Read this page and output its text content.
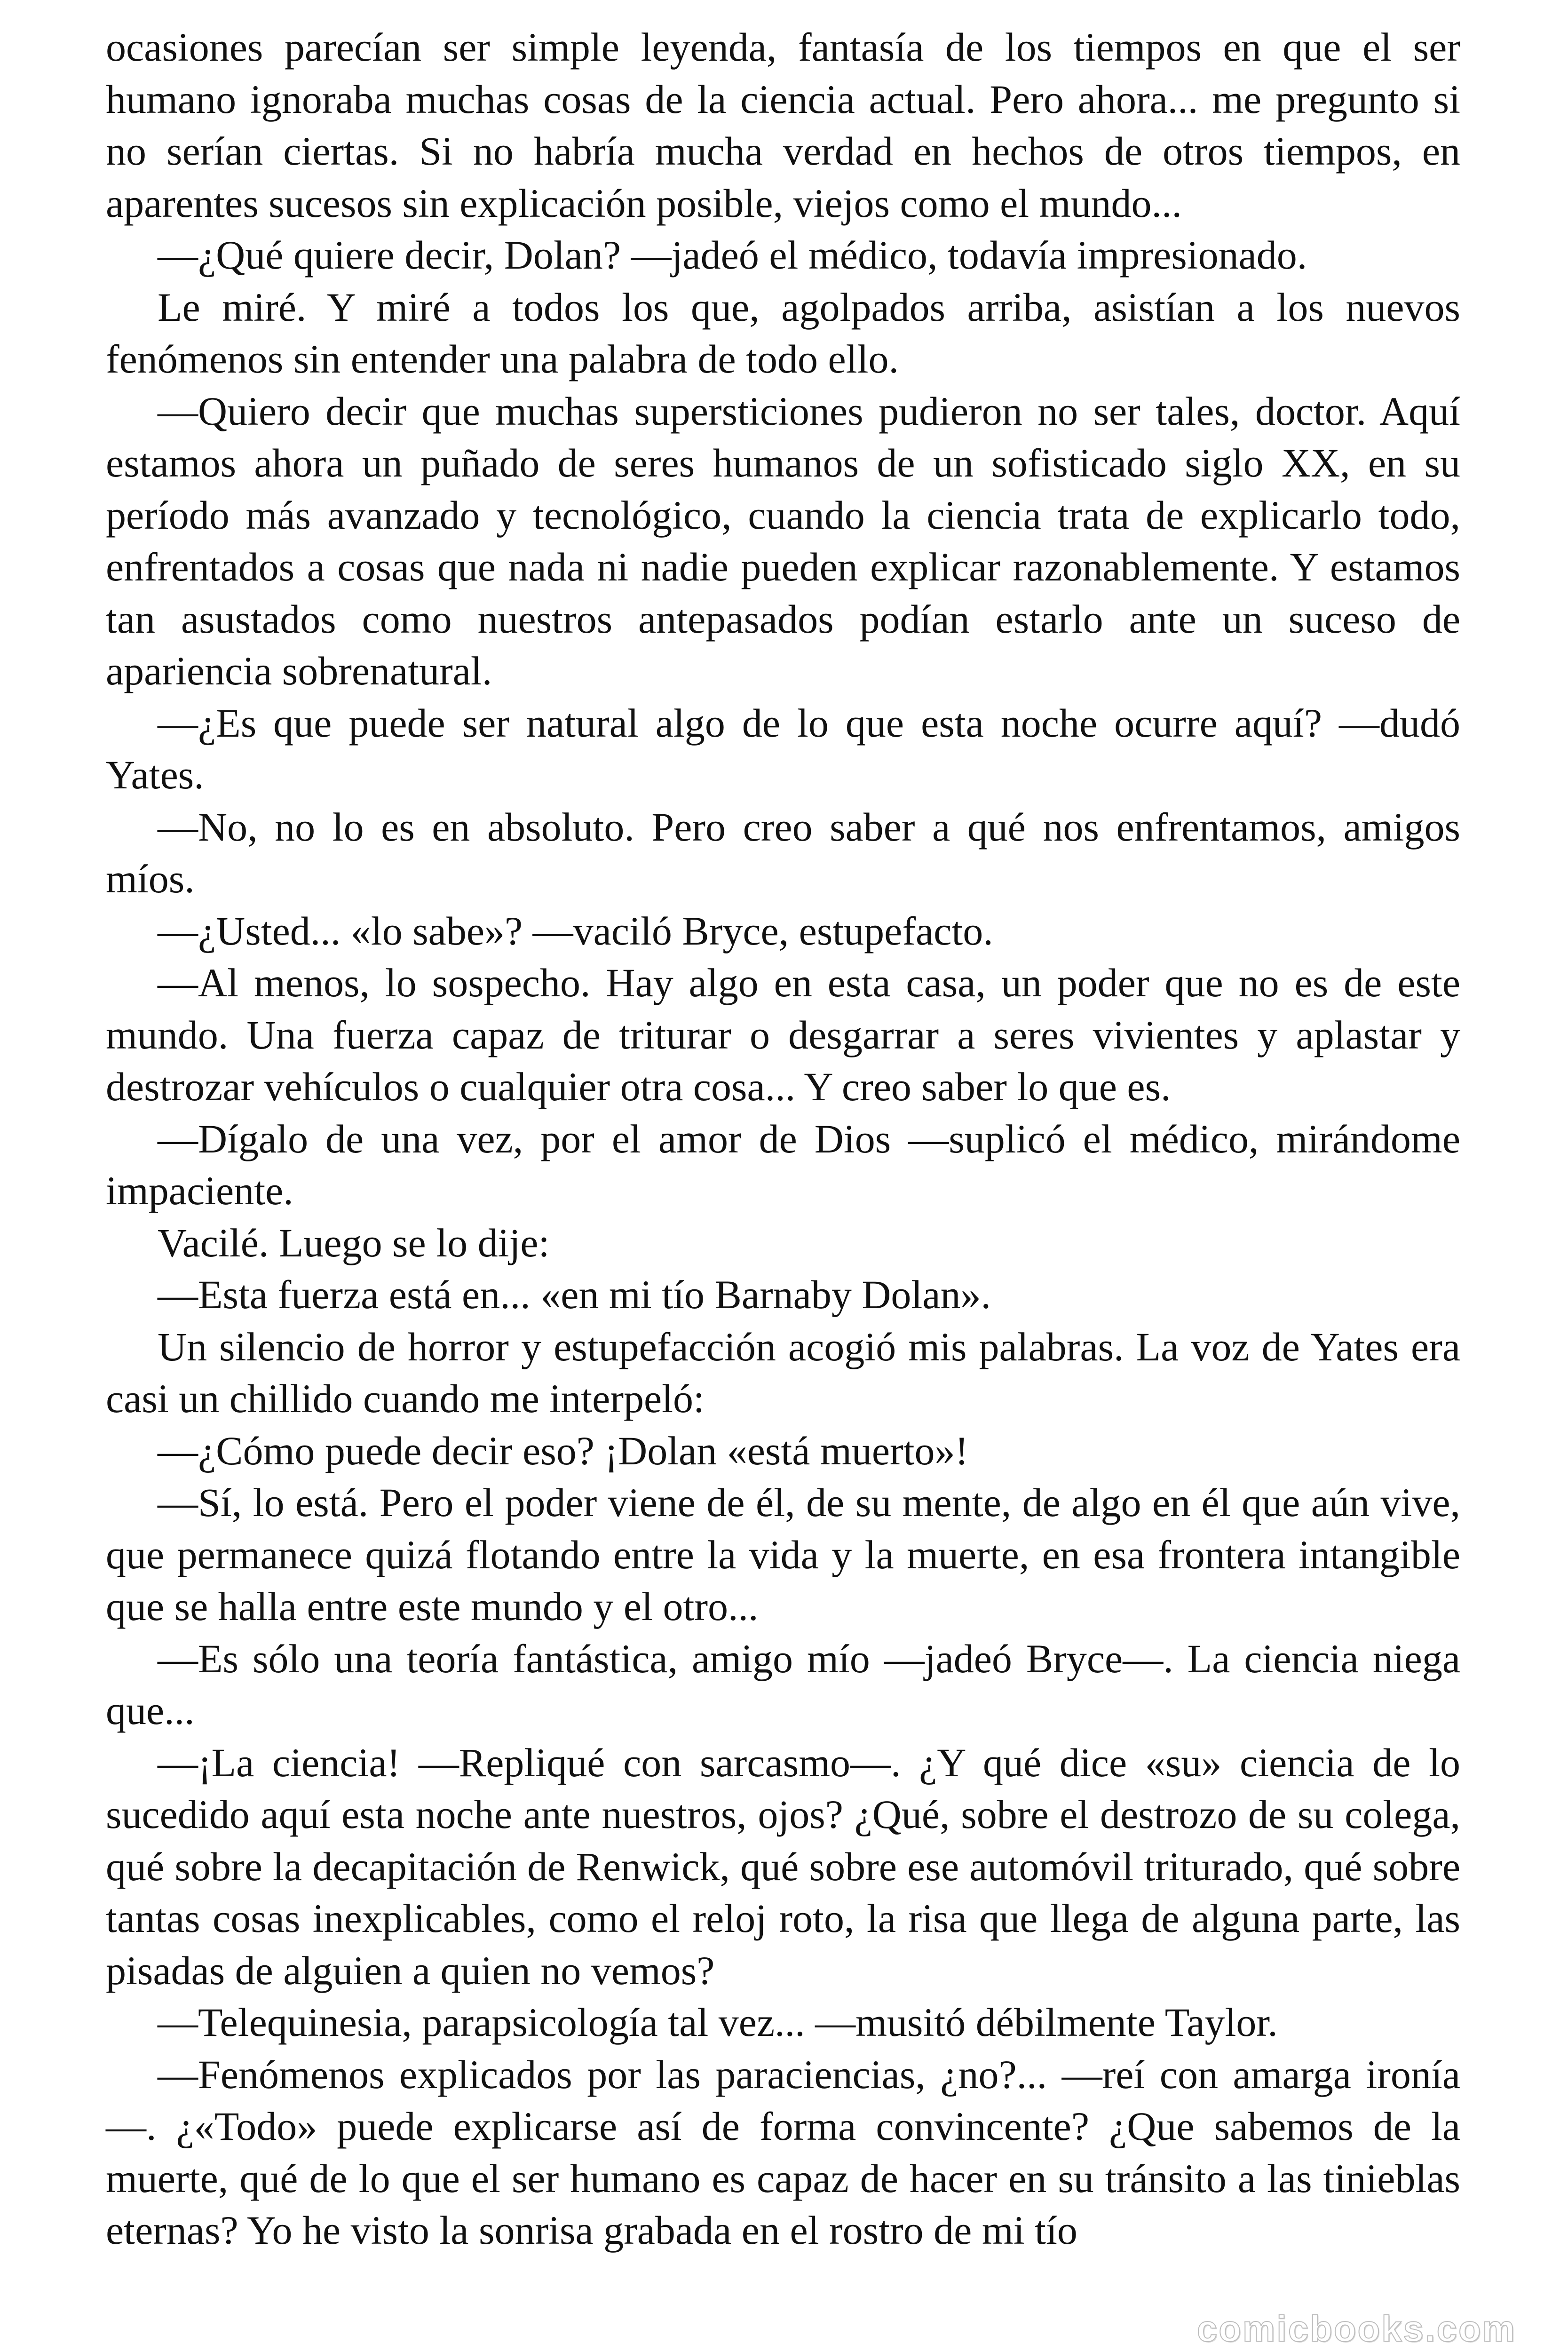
ocasiones parecían ser simple leyenda, fantasía de los tiempos en que el ser humano ignoraba muchas cosas de la ciencia actual. Pero ahora... me pregunto si no serían ciertas. Si no habría mucha verdad en hechos de otros tiempos, en aparentes sucesos sin explicación posible, viejos como el mundo...

—¿Qué quiere decir, Dolan? —jadeó el médico, todavía impresionado.

Le miré. Y miré a todos los que, agolpados arriba, asistían a los nuevos fenómenos sin entender una palabra de todo ello.

—Quiero decir que muchas supersticiones pudieron no ser tales, doctor. Aquí estamos ahora un puñado de seres humanos de un sofisticado siglo XX, en su período más avanzado y tecnológico, cuando la ciencia trata de explicarlo todo, enfrentados a cosas que nada ni nadie pueden explicar razonablemente. Y estamos tan asustados como nuestros antepasados podían estarlo ante un suceso de apariencia sobrenatural.

—¿Es que puede ser natural algo de lo que esta noche ocurre aquí? —dudó Yates.

—No, no lo es en absoluto. Pero creo saber a qué nos enfrentamos, amigos míos.

—¿Usted... «lo sabe»? —vaciló Bryce, estupefacto.

—Al menos, lo sospecho. Hay algo en esta casa, un poder que no es de este mundo. Una fuerza capaz de triturar o desgarrar a seres vivientes y aplastar y destrozar vehículos o cualquier otra cosa... Y creo saber lo que es.

—Dígalo de una vez, por el amor de Dios —suplicó el médico, mirándome impaciente.

Vacilé. Luego se lo dije:

—Esta fuerza está en... «en mi tío Barnaby Dolan».

Un silencio de horror y estupefacción acogió mis palabras. La voz de Yates era casi un chillido cuando me interpeló:

—¿Cómo puede decir eso? ¡Dolan «está muerto»!

—Sí, lo está. Pero el poder viene de él, de su mente, de algo en él que aún vive, que permanece quizá flotando entre la vida y la muerte, en esa frontera intangible que se halla entre este mundo y el otro...

—Es sólo una teoría fantástica, amigo mío —jadeó Bryce—. La ciencia niega que...

—¡La ciencia! —Repliqué con sarcasmo—. ¿Y qué dice «su» ciencia de lo sucedido aquí esta noche ante nuestros, ojos? ¿Qué, sobre el destrozo de su colega, qué sobre la decapitación de Renwick, qué sobre ese automóvil triturado, qué sobre tantas cosas inexplicables, como el reloj roto, la risa que llega de alguna parte, las pisadas de alguien a quien no vemos?

—Telequinesia, parapsicología tal vez... —musitó débilmente Taylor.

—Fenómenos explicados por las paraciencias, ¿no?... —reí con amarga ironía—. ¿«Todo» puede explicarse así de forma convincente? ¿Que sabemos de la muerte, qué de lo que el ser humano es capaz de hacer en su tránsito a las tinieblas eternas? Yo he visto la sonrisa grabada en el rostro de mi tío

comicbooks.com
